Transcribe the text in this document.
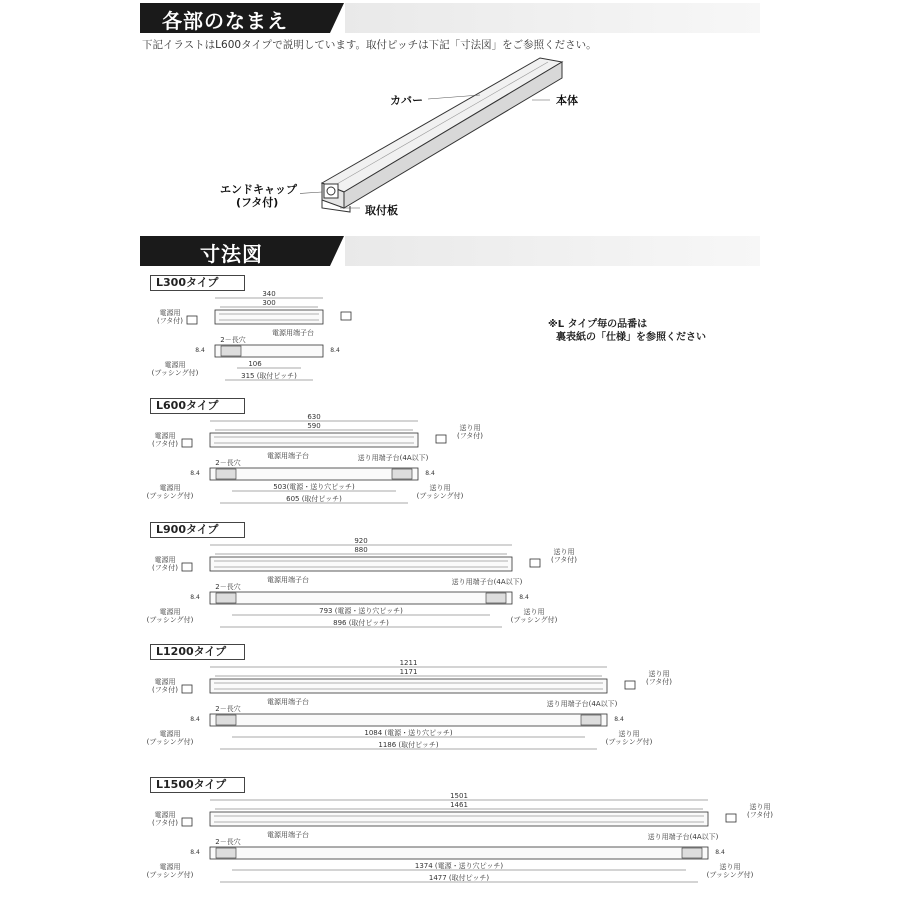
各部のなまえ
下記イラストはL600タイプで説明しています。取付ピッチは下記「寸法図」をご参照ください。
カバー	本体
エンドキャップ
(フタ付)
取付板
寸法図
※L タイプ毎の品番は
裏表紙の「仕様」を参照ください
L300タイプ
340
300
電源用
(フタ付)
電源用端子台
2－長穴
8.4	8.4
電源用
(ブッシング付)
106
315 (取付ピッチ)
L600タイプ
630
590
電源用
(フタ付)
電源用端子台
送り用
(フタ付)
送り用端子台(4A以下)
2－長穴
8.4	8.4
電源用
(ブッシング付)
送り用
(ブッシング付)
503(電源・送り穴ピッチ)
605 (取付ピッチ)
L900タイプ
920
880
電源用
(フタ付)
電源用端子台
送り用
(フタ付)
送り用端子台(4A以下)
2－長穴
8.4	8.4
電源用
(ブッシング付)
送り用
(ブッシング付)
793 (電源・送り穴ピッチ)
896 (取付ピッチ)
L1200タイプ
1211
1171
電源用
(フタ付)
電源用端子台
送り用
(フタ付)
送り用端子台(4A以下)
2－長穴
8.4	8.4
電源用
(ブッシング付)
送り用
(ブッシング付)
1084 (電源・送り穴ピッチ)
1186 (取付ピッチ)
L1500タイプ
1501
1461
電源用
(フタ付)
電源用端子台
送り用
(フタ付)
送り用端子台(4A以下)
2－長穴
8.4	8.4
電源用
(ブッシング付)
送り用
(ブッシング付)
1374 (電源・送り穴ピッチ)
1477 (取付ピッチ)
